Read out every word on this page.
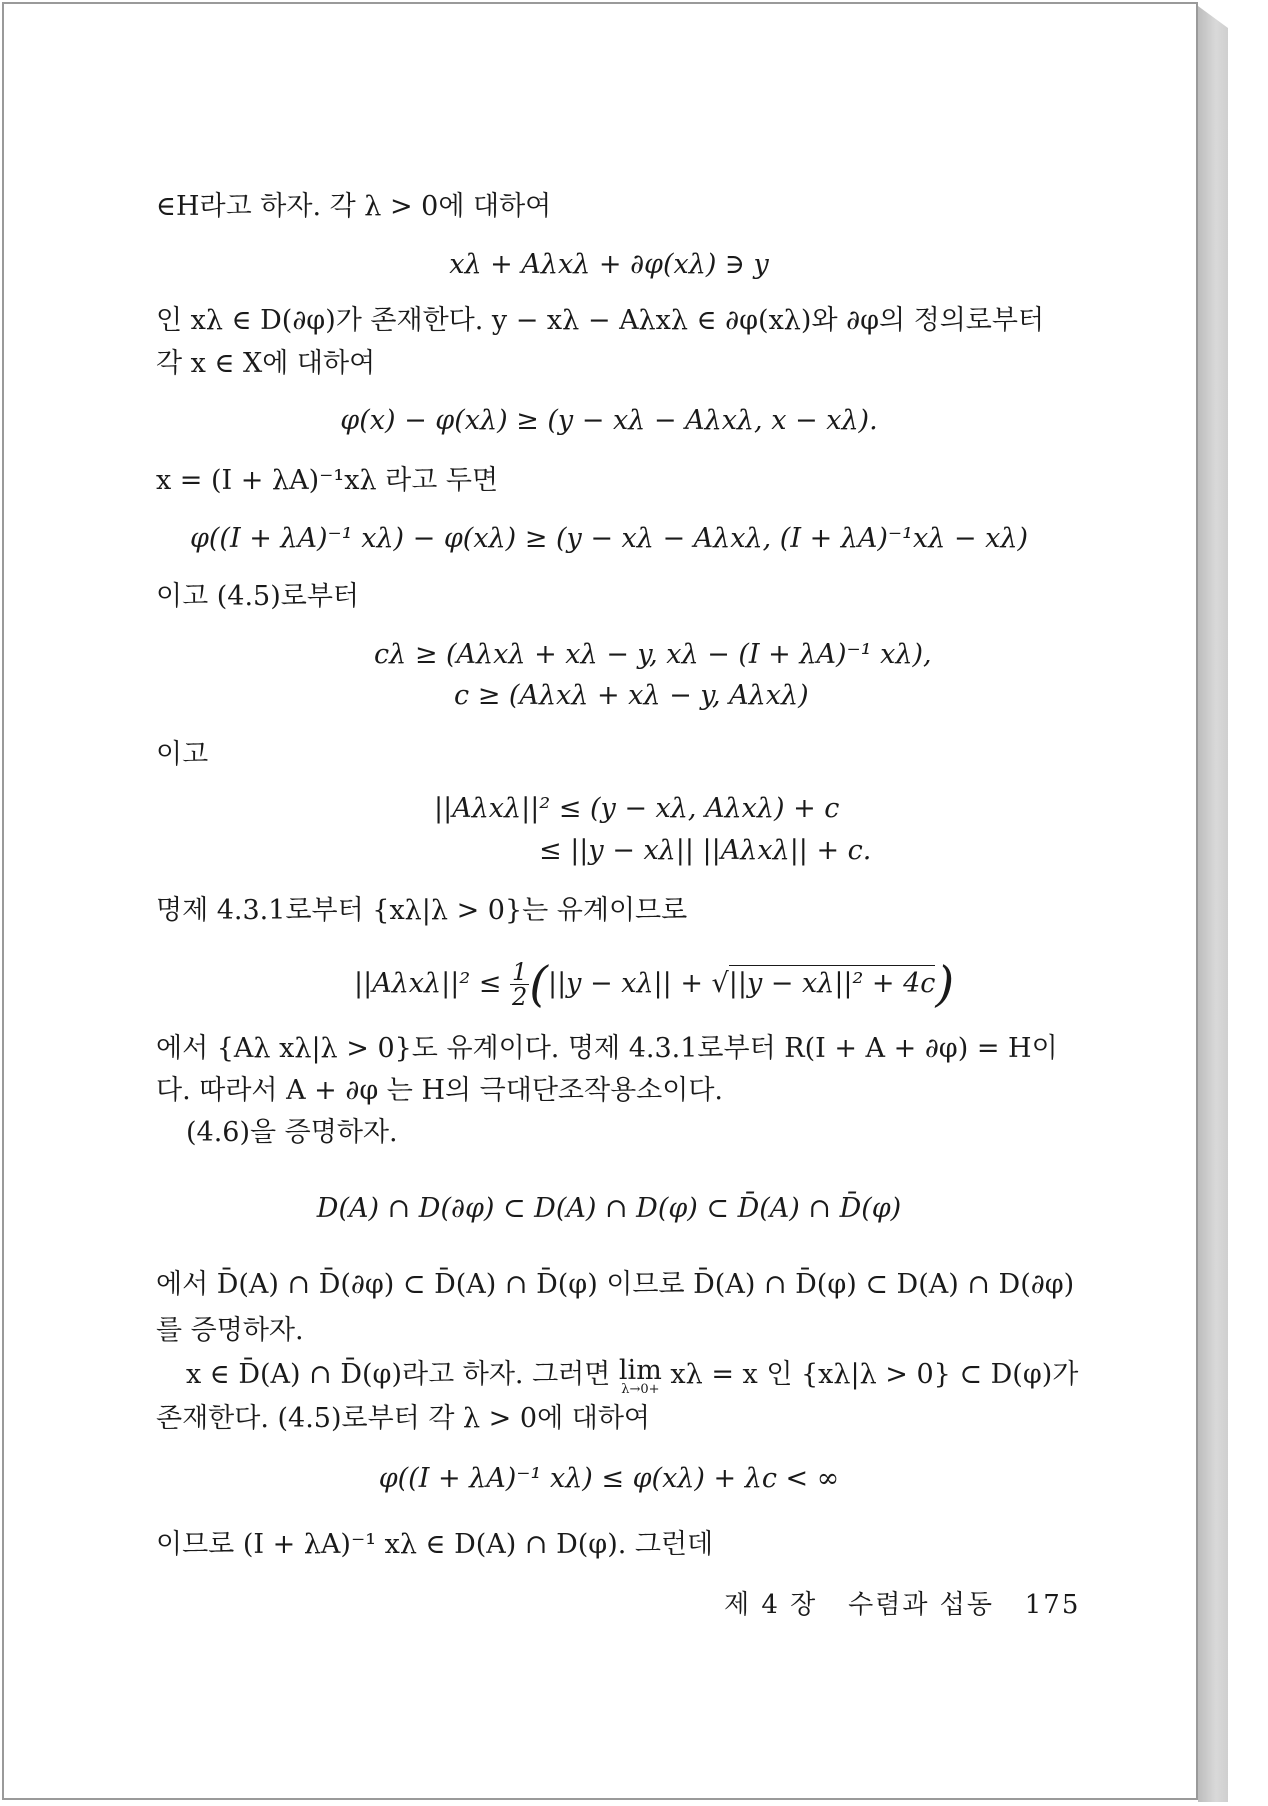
∈H라고 하자. 각 λ > 0에 대하여
xλ + Aλxλ + ∂φ(xλ) ∋ y
인 xλ ∈ D(∂φ)가 존재한다. y − xλ − Aλxλ ∈ ∂φ(xλ)와 ∂φ의 정의로부터
각 x ∈ X에 대하여
φ(x) − φ(xλ) ≥ (y − xλ − Aλxλ, x − xλ).
x = (I + λA)⁻¹xλ 라고 두면
φ((I + λA)⁻¹ xλ) − φ(xλ) ≥ (y − xλ − Aλxλ, (I + λA)⁻¹xλ − xλ)
이고 (4.5)로부터
cλ ≥ (Aλxλ + xλ − y, xλ − (I + λA)⁻¹ xλ),
c ≥ (Aλxλ + xλ − y, Aλxλ)
이고
||Aλxλ||² ≤ (y − xλ, Aλxλ) + c
≤ ||y − xλ|| ||Aλxλ|| + c.
명제 4.3.1로부터 {xλ|λ > 0}는 유계이므로
$||A\lambda x\lambda||^2 \le \frac{1}{2} (||y - x\lambda|| + √||y - x\lambda||^2 + 4c)$
에서 {Aλ xλ|λ > 0}도 유계이다. 명제 4.3.1로부터 R(I + A + ∂φ) = H이
다. 따라서 A + ∂φ 는 H의 극대단조작용소이다.
(4.6)을 증명하자.
D(A) ∩ D(∂φ) ⊂ D(A) ∩ D(φ) ⊂ D̄(A) ∩ D̄(φ)
에서 D̄(A) ∩ D̄(∂φ) ⊂ D̄(A) ∩ D̄(φ) 이므로 D̄(A) ∩ D̄(φ) ⊂ D(A) ∩ D(∂φ)
를 증명하자.
x ∈ D̄(A) ∩ D̄(φ)라고 하자. 그러면 lim
λ→0+ xλ = x 인 {xλ|λ > 0} ⊂ D(φ)가
존재한다. (4.5)로부터 각 λ > 0에 대하여
φ((I + λA)⁻¹ xλ) ≤ φ(xλ) + λc < ∞
이므로 (I + λA)⁻¹ xλ ∈ D(A) ∩ D(φ). 그런데
제 4 장 수렴과 섭동 175
